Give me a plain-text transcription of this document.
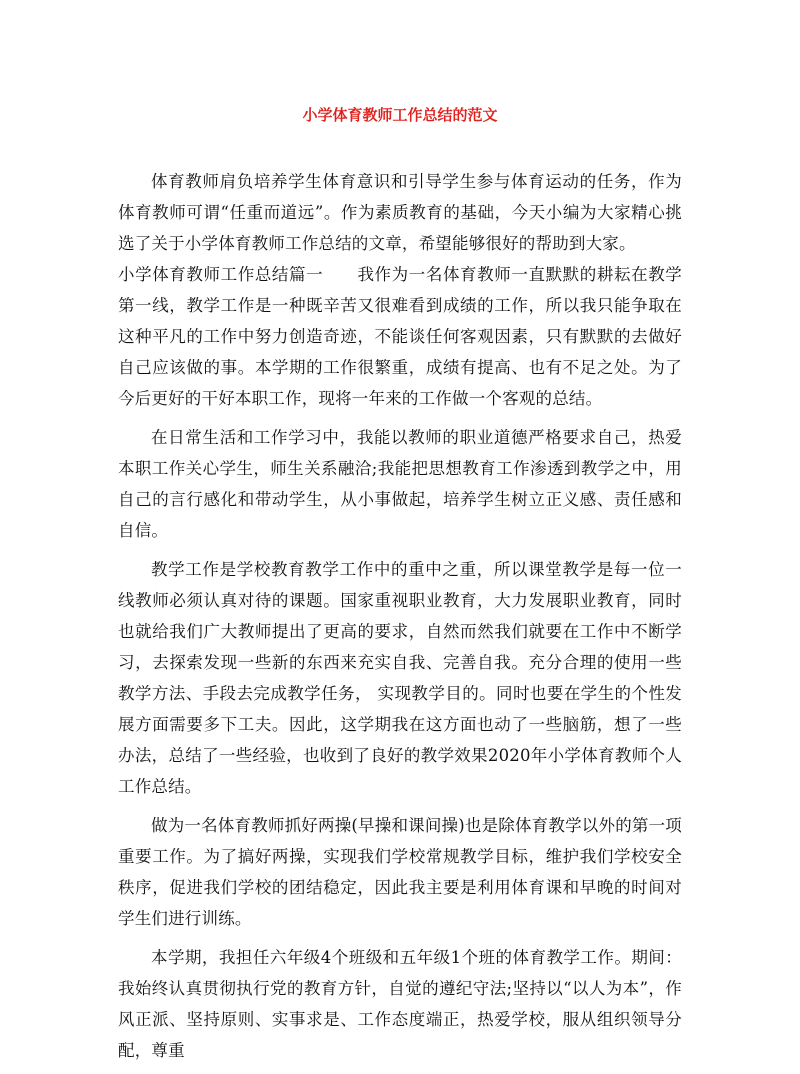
小学体育教师工作总结的范文

体育教师肩负培养学生体育意识和引导学生参与体育运动的任务，作为体育教师可谓“任重而道远”。作为素质教育的基础，今天小编为大家精心挑选了关于小学体育教师工作总结的文章，希望能够很好的帮助到大家。

小学体育教师工作总结篇一　　我作为一名体育教师一直默默的耕耘在教学第一线，教学工作是一种既辛苦又很难看到成绩的工作，所以我只能争取在这种平凡的工作中努力创造奇迹，不能谈任何客观因素，只有默默的去做好自己应该做的事。本学期的工作很繁重，成绩有提高、也有不足之处。为了今后更好的干好本职工作，现将一年来的工作做一个客观的总结。

在日常生活和工作学习中，我能以教师的职业道德严格要求自己，热爱本职工作关心学生，师生关系融洽;我能把思想教育工作渗透到教学之中，用自己的言行感化和带动学生，从小事做起，培养学生树立正义感、责任感和自信。

教学工作是学校教育教学工作中的重中之重，所以课堂教学是每一位一线教师必须认真对待的课题。国家重视职业教育，大力发展职业教育，同时也就给我们广大教师提出了更高的要求，自然而然我们就要在工作中不断学习，去探索发现一些新的东西来充实自我、完善自我。充分合理的使用一些教学方法、手段去完成教学任务， 实现教学目的。同时也要在学生的个性发展方面需要多下工夫。因此，这学期我在这方面也动了一些脑筋，想了一些办法，总结了一些经验，也收到了良好的教学效果2020年小学体育教师个人工作总结。

做为一名体育教师抓好两操(早操和课间操)也是除体育教学以外的第一项重要工作。为了搞好两操，实现我们学校常规教学目标，维护我们学校安全秩序，促进我们学校的团结稳定，因此我主要是利用体育课和早晚的时间对学生们进行训练。

本学期，我担任六年级4个班级和五年级1个班的体育教学工作。期间：我始终认真贯彻执行党的教育方针，自觉的遵纪守法;坚持以“以人为本”，作风正派、坚持原则、实事求是、工作态度端正，热爱学校，服从组织领导分配，尊重
